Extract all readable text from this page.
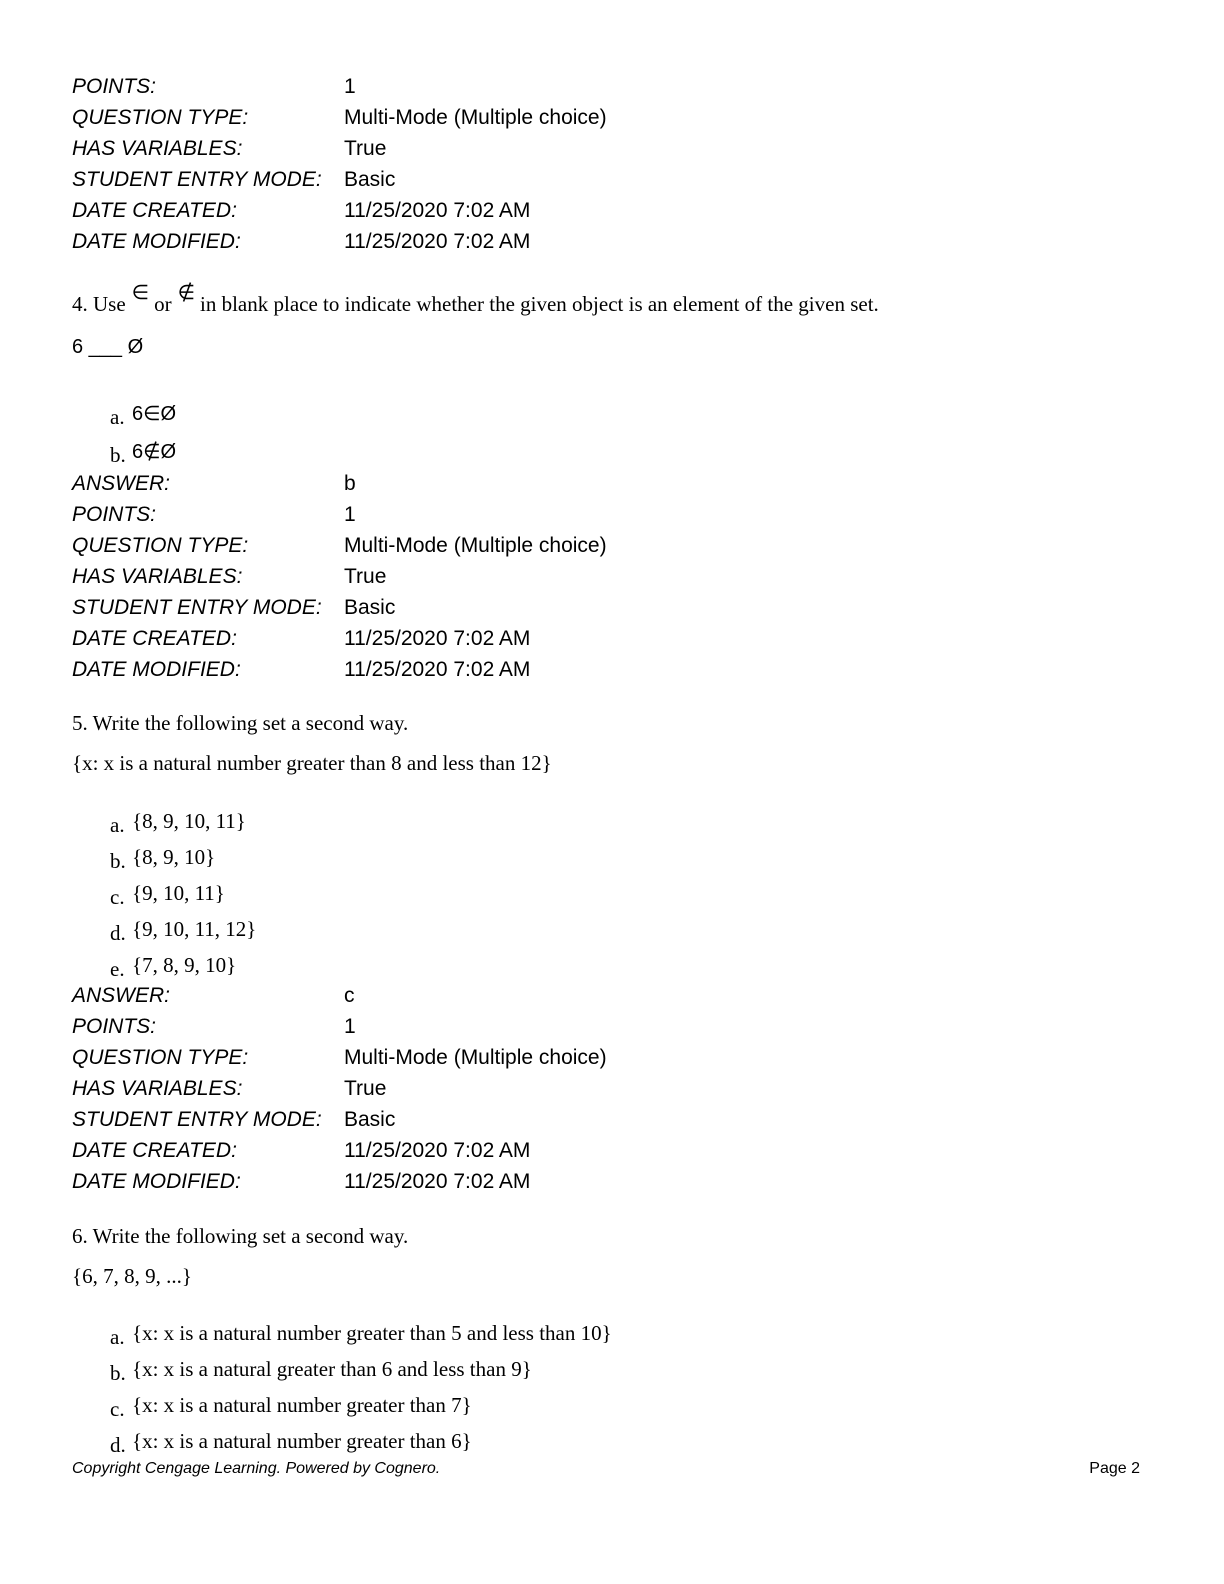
POINTS:	1
QUESTION TYPE:	Multi-Mode (Multiple choice)
HAS VARIABLES:	True
STUDENT ENTRY MODE:	Basic
DATE CREATED:	11/25/2020 7:02 AM
DATE MODIFIED:	11/25/2020 7:02 AM
4. Use ∈ or ∉ in blank place to indicate whether the given object is an element of the given set.
6 ___ Ø
a. 6∈Ø
b. 6∉Ø
ANSWER:	b
POINTS:	1
QUESTION TYPE:	Multi-Mode (Multiple choice)
HAS VARIABLES:	True
STUDENT ENTRY MODE:	Basic
DATE CREATED:	11/25/2020 7:02 AM
DATE MODIFIED:	11/25/2020 7:02 AM
5. Write the following set a second way.
{x: x is a natural number greater than 8 and less than 12}
a. {8, 9, 10, 11}
b. {8, 9, 10}
c. {9, 10, 11}
d. {9, 10, 11, 12}
e. {7, 8, 9, 10}
ANSWER:	c
POINTS:	1
QUESTION TYPE:	Multi-Mode (Multiple choice)
HAS VARIABLES:	True
STUDENT ENTRY MODE:	Basic
DATE CREATED:	11/25/2020 7:02 AM
DATE MODIFIED:	11/25/2020 7:02 AM
6. Write the following set a second way.
{6, 7, 8, 9, ...}
a. {x: x is a natural number greater than 5 and less than 10}
b. {x: x is a natural greater than 6 and less than 9}
c. {x: x is a natural number greater than 7}
d. {x: x is a natural number greater than 6}
Copyright Cengage Learning. Powered by Cognero.	Page 2
